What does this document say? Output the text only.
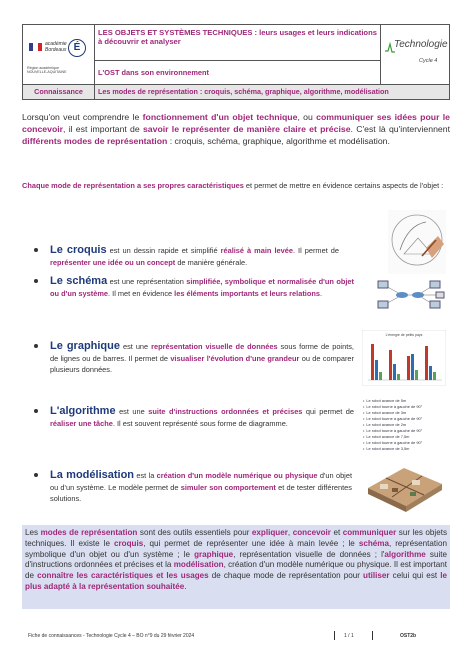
académie
Bordeaux É
Région académique
NOUVELLE-AQUITAINE
LES OBJETS ET SYSTÈMES TECHNIQUES : leurs usages et leurs indications à découvrir et analyser
L'OST dans son environnement
Technologie
Cycle 4
Connaissance	Les modes de représentation : croquis, schéma, graphique, algorithme, modélisation
Lorsqu'on veut comprendre le fonctionnement d'un objet technique, ou communiquer ses idées pour le concevoir, il est important de savoir le représenter de manière claire et précise. C'est là qu'interviennent différents modes de représentation : croquis, schéma, graphique, algorithme et modélisation.
Chaque mode de représentation a ses propres caractéristiques et permet de mettre en évidence certains aspects de l'objet :
Le croquis est un dessin rapide et simplifié réalisé à main levée. Il permet de représenter une idée ou un concept de manière générale.
Le schéma est une représentation simplifiée, symbolique et normalisée d'un objet ou d'un système. Il met en évidence les éléments importants et leurs relations.
Le graphique est une représentation visuelle de données sous forme de points, de lignes ou de barres. Il permet de visualiser l'évolution d'une grandeur ou de comparer plusieurs données.
L'énergie de petits pays
L'algorithme est une suite d'instructions ordonnées et précises qui permet de réaliser une tâche. Il est souvent représenté sous forme de diagramme.
• Le robot avance de 5m
• Le robot tourne à gauche de 90°
• Le robot avance de 3m
• Le robot tourne à gauche de 90°
• Le robot avance de 2m
• Le robot tourne à gauche de 90°
• Le robot avance de 7,5m
• Le robot tourne à gauche de 90°
• Le robot avance de 3,5m
La modélisation est la création d'un modèle numérique ou physique d'un objet ou d'un système. Le modèle permet de simuler son comportement et de tester différentes solutions.
Les modes de représentation sont des outils essentiels pour expliquer, concevoir et communiquer sur les objets techniques. Il existe le croquis, qui permet de représenter une idée à main levée ; le schéma, représentation symbolique d'un objet ou d'un système ; le graphique, représentation visuelle de données ; l'algorithme suite d'instructions ordonnées et précises et la modélisation, création d'un modèle numérique ou physique. Il est important de connaître les caractéristiques et les usages de chaque mode de représentation pour utiliser celui qui est le plus adapté à la représentation souhaitée.
Fiche de connaissances - Technologie Cycle 4 – BO n°9 du 29 février 2024	1 / 1	OST2b
